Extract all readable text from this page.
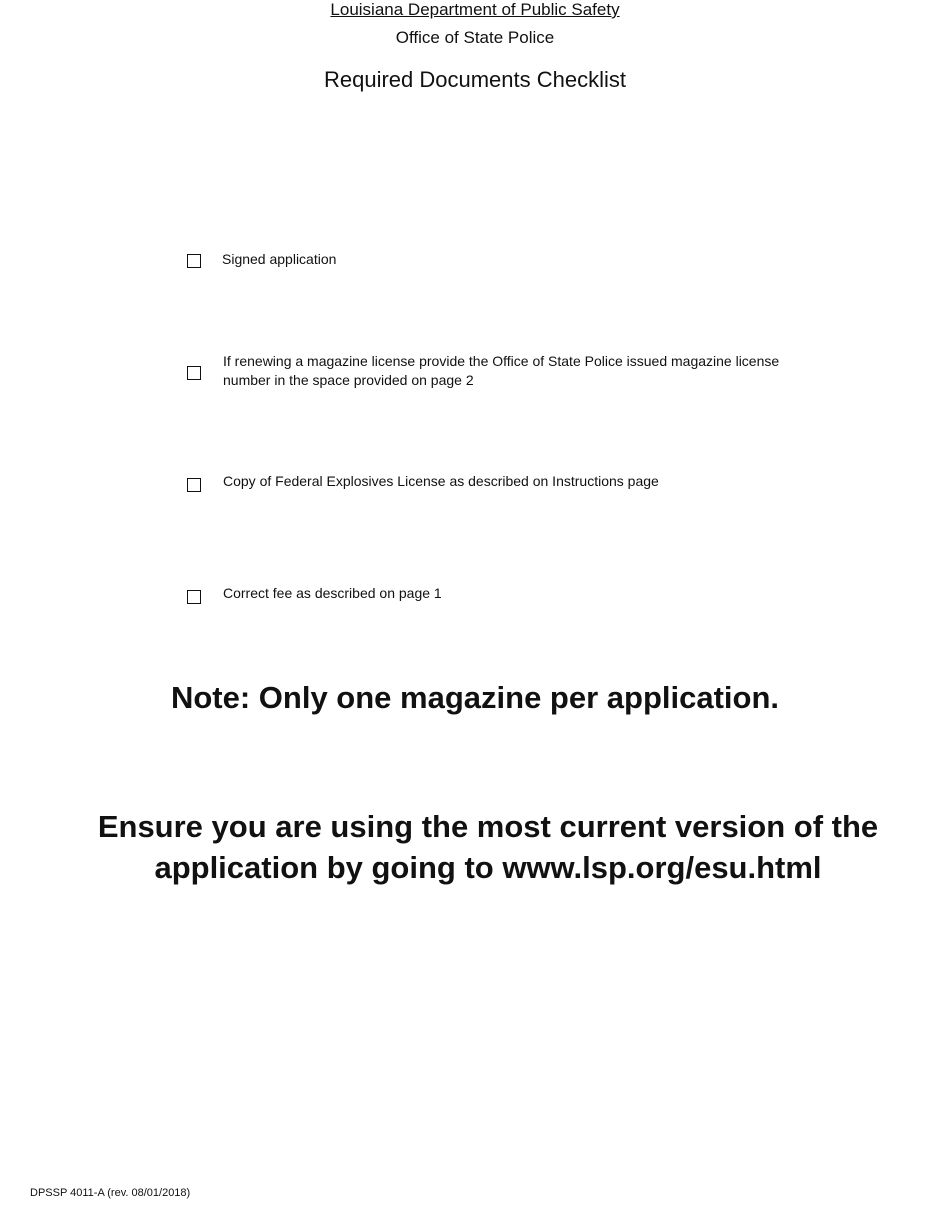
Louisiana Department of Public Safety
Office of State Police
Required Documents Checklist
Signed application
If renewing a magazine license provide the Office of State Police issued magazine license number in the space provided on page 2
Copy of Federal Explosives License as described on Instructions page
Correct fee as described on page 1
Note: Only one magazine per application.
Ensure you are using the most current version of the application by going to www.lsp.org/esu.html
DPSSP 4011-A (rev. 08/01/2018)
